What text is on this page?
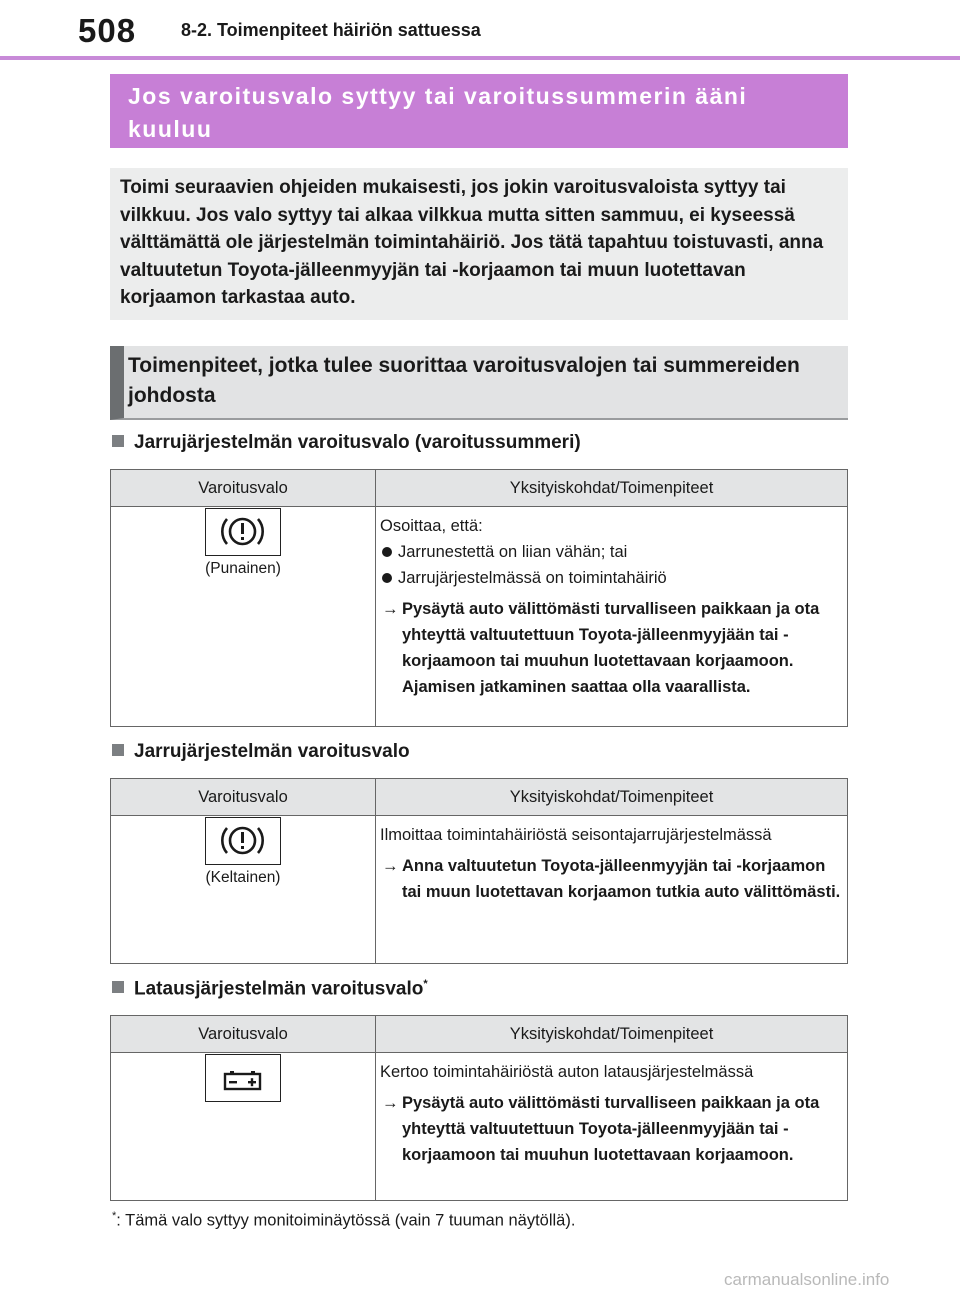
508 8-2. Toimenpiteet häiriön sattuessa
Jos varoitusvalo syttyy tai varoitussummerin ääni kuuluu
Toimi seuraavien ohjeiden mukaisesti, jos jokin varoitusvaloista syttyy tai vilkkuu. Jos valo syttyy tai alkaa vilkkua mutta sitten sammuu, ei kyseessä välttämättä ole järjestelmän toimintahäiriö. Jos tätä tapahtuu toistuvasti, anna valtuutetun Toyota-jälleenmyyjän tai -korjaamon tai muun luotettavan korjaamon tarkastaa auto.
Toimenpiteet, jotka tulee suorittaa varoitusvalojen tai summereiden johdosta
Jarrujärjestelmän varoitusvalo (varoitussummeri)
Varoitusvalo	Yksityiskohdat/Toimenpiteet

(Punainen)	Osoittaa, että:
Jarrunestettä on liian vähän; tai
Jarrujärjestelmässä on toimintahäiriö
→ Pysäytä auto välittömästi turvalliseen paikkaan ja ota yhteyttä valtuutettuun Toyota-jälleenmyyjään tai -korjaamoon tai muuhun luotettavaan korjaamoon. Ajamisen jatkaminen saattaa olla vaarallista.
Jarrujärjestelmän varoitusvalo
Varoitusvalo	Yksityiskohdat/Toimenpiteet

(Keltainen)	Ilmoittaa toimintahäiriöstä seisontajarrujärjestelmässä
→ Anna valtuutetun Toyota-jälleenmyyjän tai -korjaamon tai muun luotettavan korjaamon tutkia auto välittömästi.
Latausjärjestelmän varoitusvalo*
Varoitusvalo	Yksityiskohdat/Toimenpiteet

Kertoo toimintahäiriöstä auton latausjärjestelmässä
→ Pysäytä auto välittömästi turvalliseen paikkaan ja ota yhteyttä valtuutettuun Toyota-jälleenmyyjään tai -korjaamoon tai muuhun luotettavaan korjaamoon.
*: Tämä valo syttyy monitoiminäytössä (vain 7 tuuman näytöllä).
carmanualsonline.info
